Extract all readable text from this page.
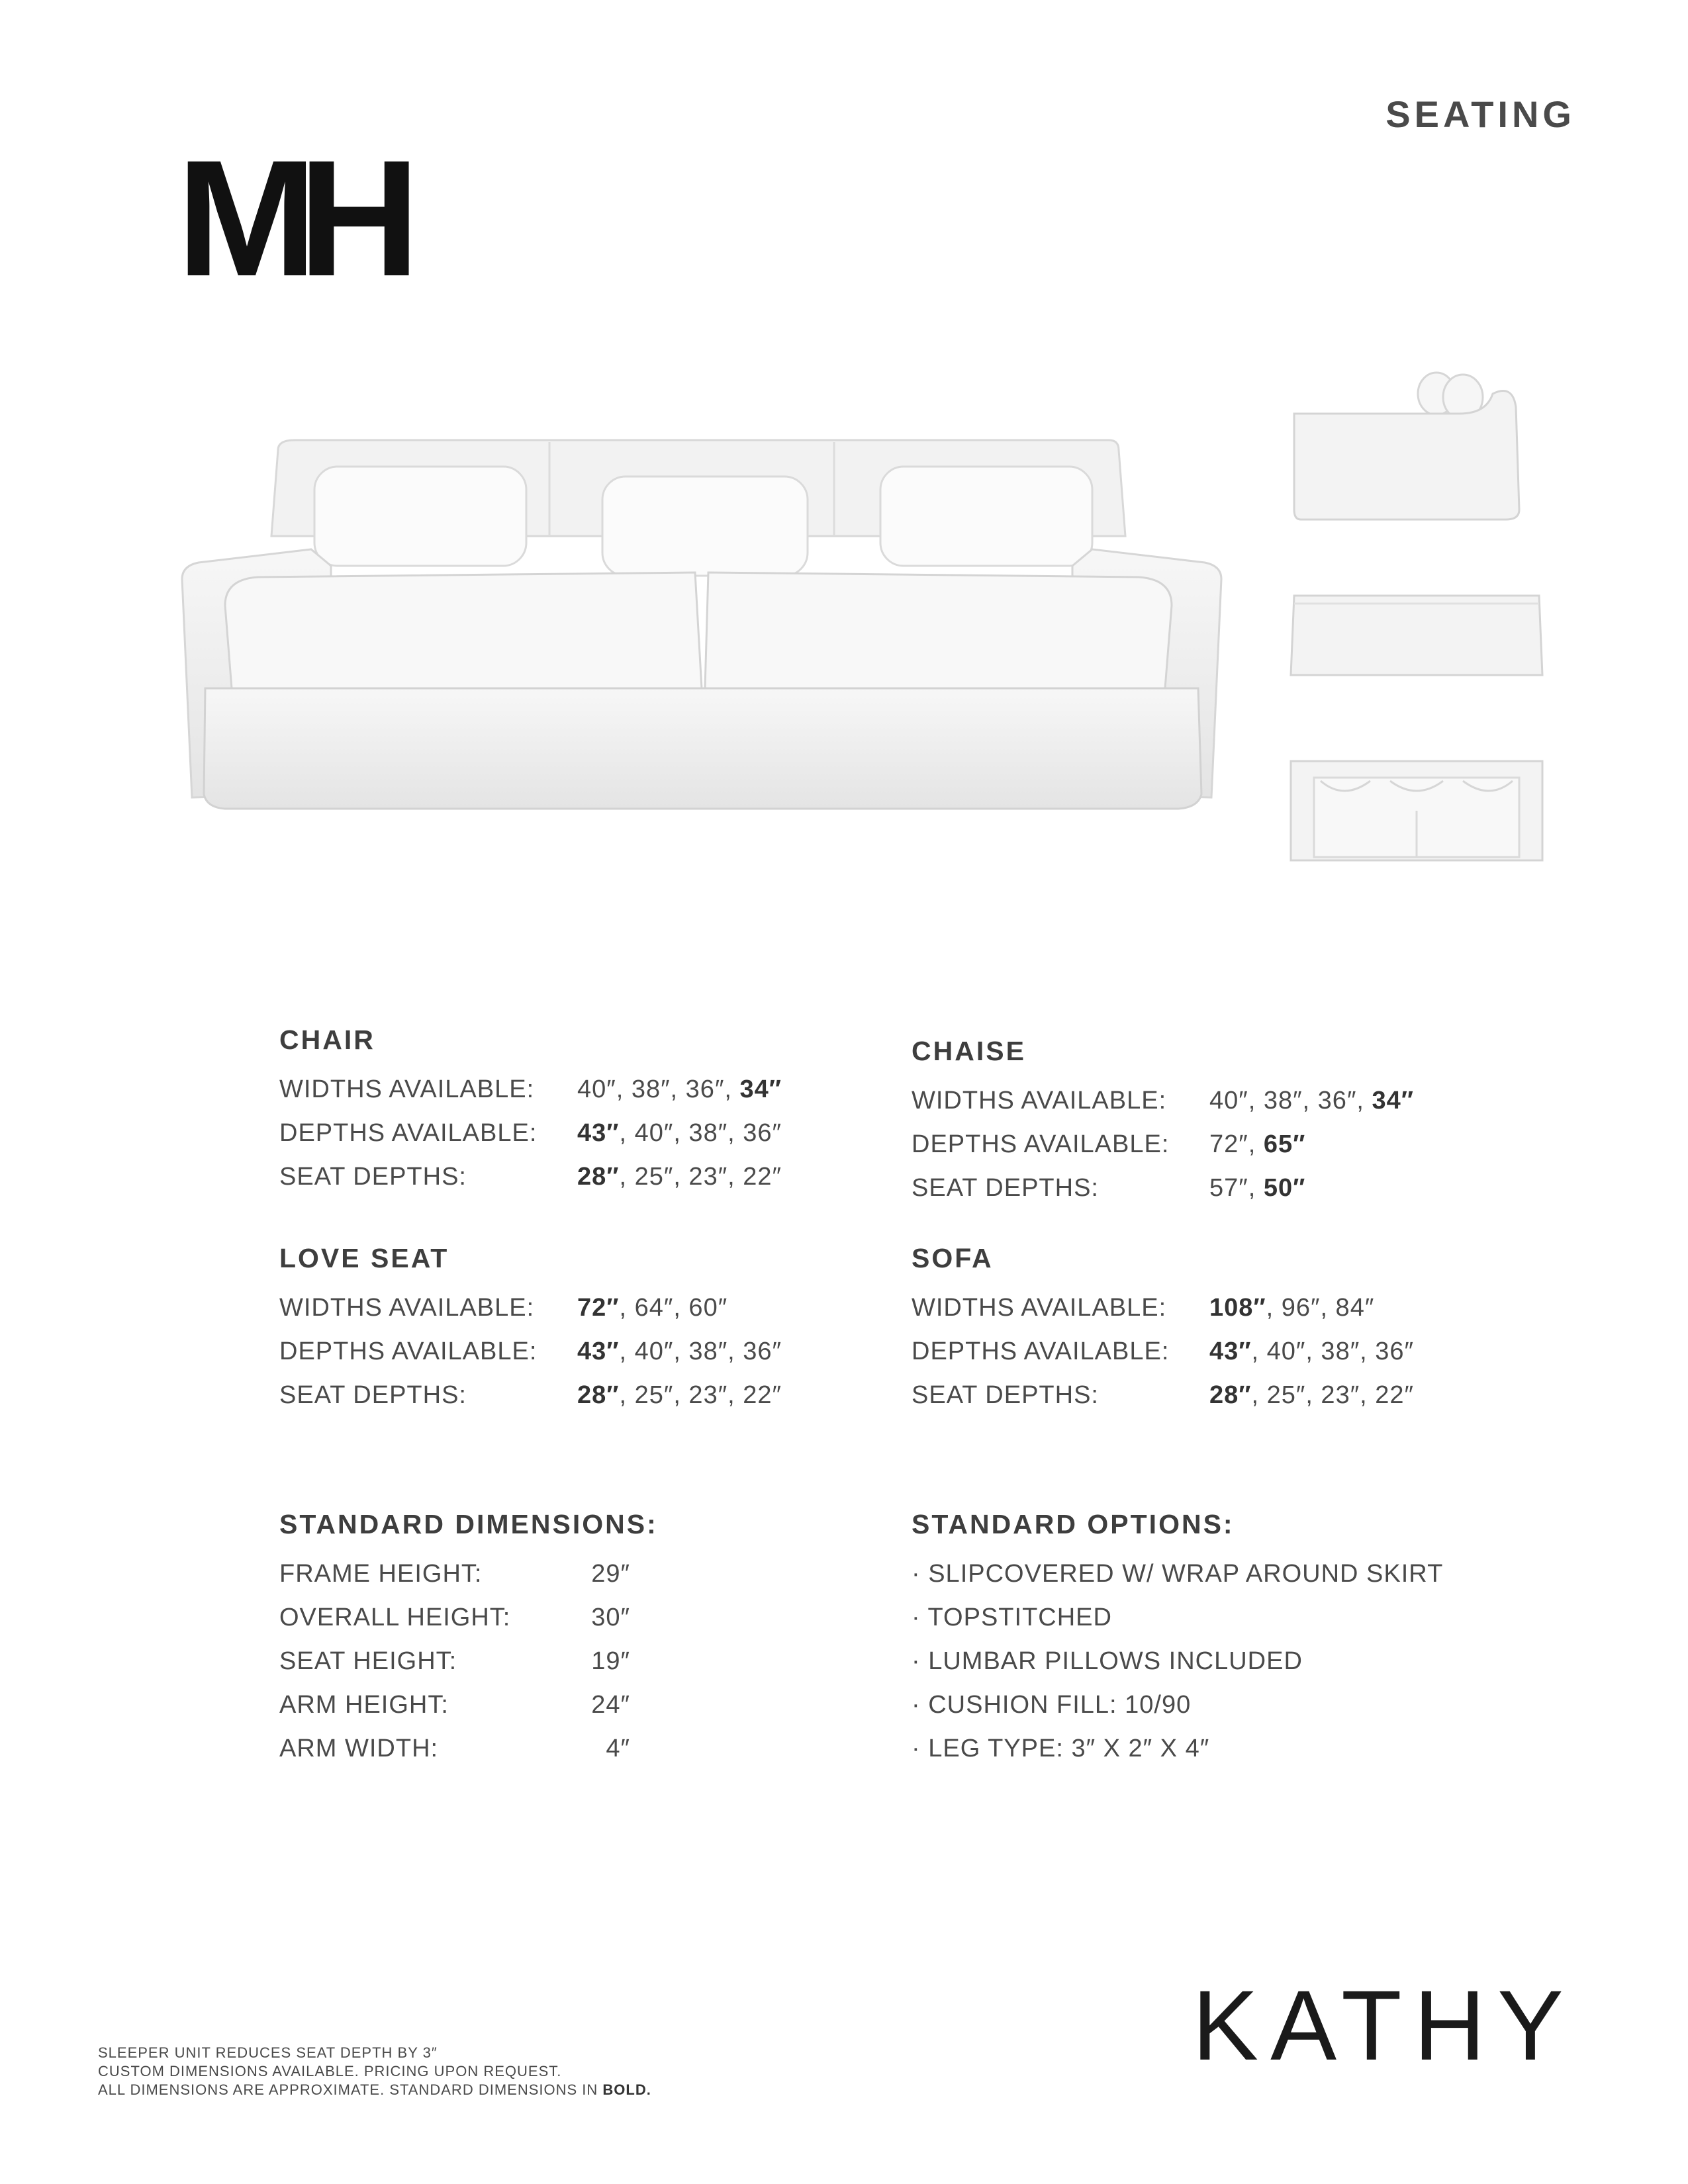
SEATING
MH
CHAIR
WIDTHS AVAILABLE:	40″, 38″, 36″, 34″
DEPTHS AVAILABLE:	43″, 40″, 38″, 36″
SEAT DEPTHS:	28″, 25″, 23″, 22″
CHAISE
WIDTHS AVAILABLE:	40″, 38″, 36″, 34″
DEPTHS AVAILABLE:	72″, 65″
SEAT DEPTHS:	57″, 50″
LOVE SEAT
WIDTHS AVAILABLE:	72″, 64″, 60″
DEPTHS AVAILABLE:	43″, 40″, 38″, 36″
SEAT DEPTHS:	28″, 25″, 23″, 22″
SOFA
WIDTHS AVAILABLE:	108″, 96″, 84″
DEPTHS AVAILABLE:	43″, 40″, 38″, 36″
SEAT DEPTHS:	28″, 25″, 23″, 22″
STANDARD DIMENSIONS:
FRAME HEIGHT:	29″
OVERALL HEIGHT:	30″
SEAT HEIGHT:	19″
ARM HEIGHT:	24″
ARM WIDTH:	4″
STANDARD OPTIONS:
· SLIPCOVERED W/ WRAP AROUND SKIRT
· TOPSTITCHED
· LUMBAR PILLOWS INCLUDED
· CUSHION FILL: 10/90
· LEG TYPE: 3″ X 2″ X 4″
SLEEPER UNIT REDUCES SEAT DEPTH BY 3″
CUSTOM DIMENSIONS AVAILABLE. PRICING UPON REQUEST.
ALL DIMENSIONS ARE APPROXIMATE. STANDARD DIMENSIONS IN BOLD.
KATHY
